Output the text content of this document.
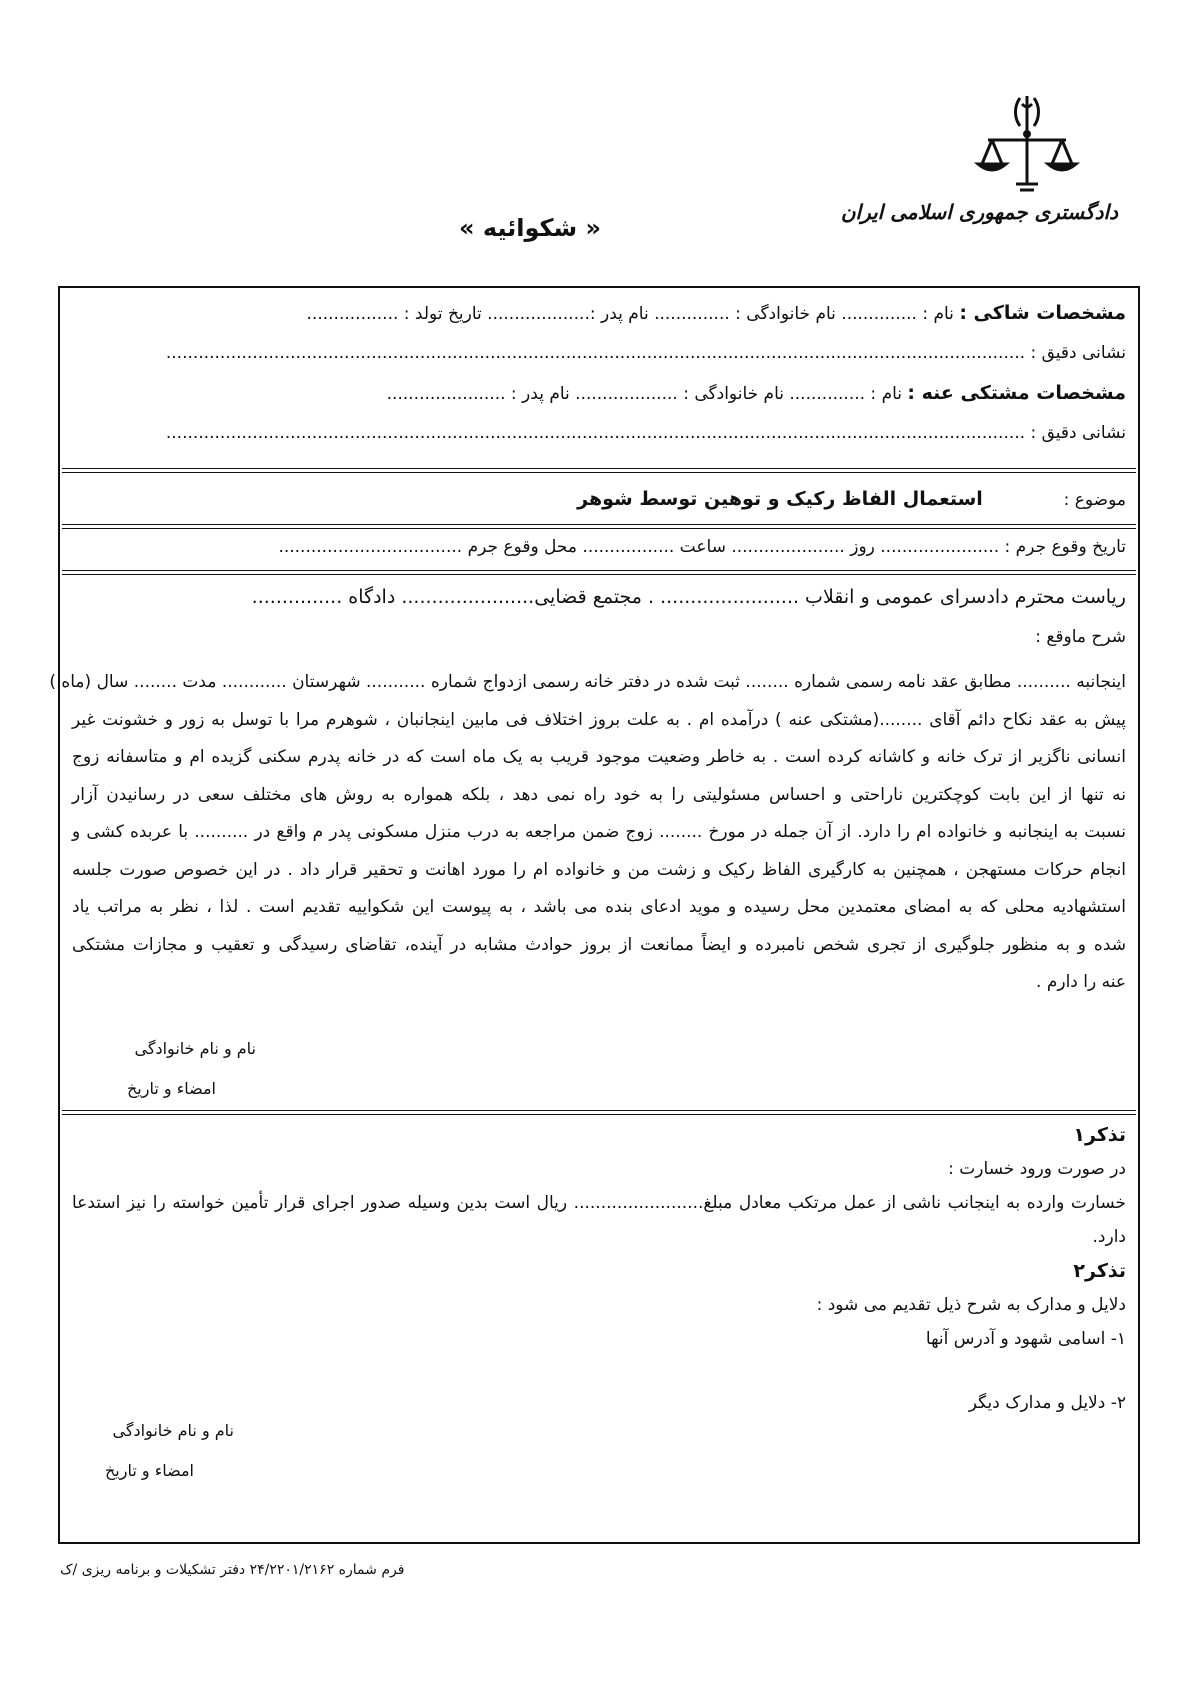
دادگستری جمهوری اسلامی ایران
« شکوائیه »
مشخصات شاکی : نام : .............. نام خانوادگی : .............. نام پدر :................... تاریخ تولد : .................
نشانی دقیق : ...............................................................................................................................................................
مشخصات مشتکی عنه : نام : .............. نام خانوادگی : ................... نام پدر : ......................
نشانی دقیق : ...............................................................................................................................................................
موضوع :  استعمال الفاظ رکیک و توهین توسط شوهر
تاریخ وقوع جرم : ...................... روز ..................... ساعت ................. محل وقوع جرم ..................................
ریاست محترم دادسرای عمومی و انقلاب ....................... . مجتمع قضایی...................... دادگاه ...............
شرح ماوقع :
اینجانبه .......... مطابق عقد نامه رسمی شماره ........ ثبت شده در دفتر خانه رسمی ازدواج شماره ........... شهرستان ............ مدت ........ سال (ماه )
پیش به عقد نکاح دائم آقای ........(مشتکی عنه ) درآمده ام . به علت بروز اختلاف فی مابین اینجانبان ، شوهرم مرا با توسل به زور و خشونت غیر
انسانی ناگزیر از ترک خانه و کاشانه کرده است . به خاطر وضعیت موجود قریب به یک ماه است که در خانه پدرم سکنی گزیده ام و متاسفانه زوج
نه تنها از این بابت کوچکترین ناراحتی و احساس مسئولیتی را به خود راه نمی دهد ، بلکه همواره به روش های مختلف سعی در رسانیدن آزار
نسبت به اینجانبه و خانواده ام را دارد. از آن جمله در مورخ ........ زوج ضمن مراجعه به درب منزل مسکونی پدر م واقع در .......... با عربده کشی و
انجام حرکات مستهجن ، همچنین به کارگیری الفاظ رکیک و زشت من و خانواده ام را مورد اهانت و تحقیر قرار داد . در این خصوص صورت جلسه
استشهادیه محلی که به امضای معتمدین محل رسیده و موید ادعای بنده می باشد ، به پیوست این شکواییه تقدیم است . لذا ، نظر به مراتب یاد
شده و به منظور جلوگیری از تجری شخص نامبرده و ایضاً ممانعت از بروز حوادث مشابه در آینده، تقاضای رسیدگی و تعقیب و مجازات مشتکی
عنه را دارم .
نام و نام خانوادگی
امضاء و تاریخ
تذکر۱
در صورت ورود خسارت :
خسارت وارده به اینجانب ناشی از عمل مرتکب معادل مبلغ........................ ریال است بدین وسیله صدور اجرای قرار تأمین خواسته را نیز استدعا
دارد.
تذکر۲
دلایل و مدارک به شرح ذیل تقدیم می شود :
۱- اسامی شهود و آدرس آنها
۲- دلایل و مدارک دیگر
نام و نام خانوادگی
امضاء و تاریخ
فرم شماره ۲۴/۲۲۰۱/۲۱۶۲ دفتر تشکیلات و برنامه ریزی /ک
